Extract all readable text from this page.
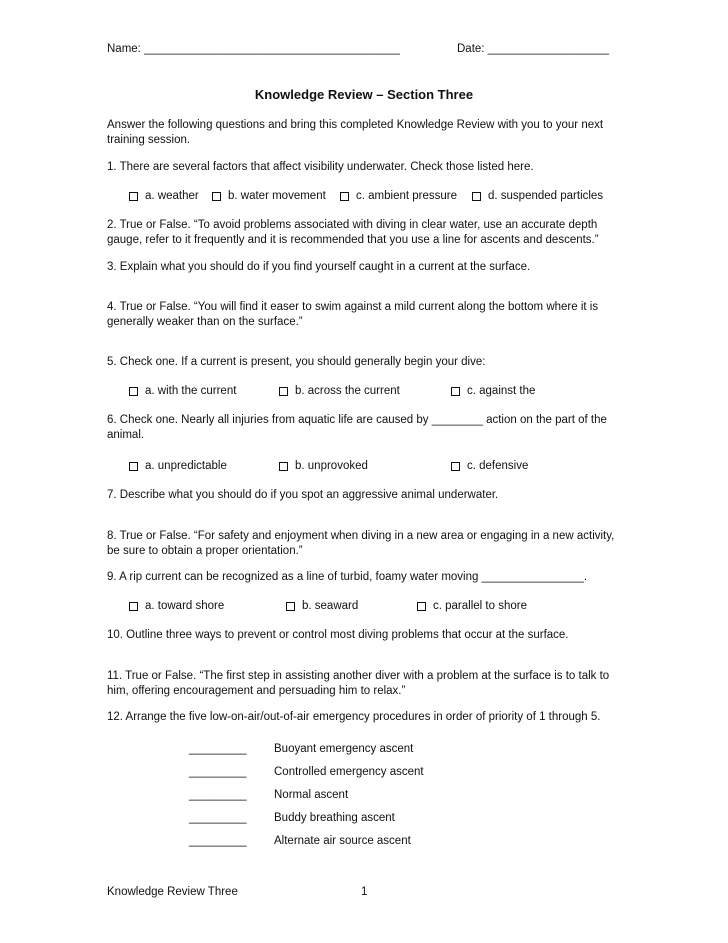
Name: ________________________________________	Date: ___________________
Knowledge Review – Section Three
Answer the following questions and bring this completed Knowledge Review with you to your next training session.
1. There are several factors that affect visibility underwater. Check those listed here.
a. weather	b. water movement	c. ambient pressure	d. suspended particles
2. True or False. “To avoid problems associated with diving in clear water, use an accurate depth gauge, refer to it frequently and it is recommended that you use a line for ascents and descents.”
3. Explain what you should do if you find yourself caught in a current at the surface.
4. True or False. “You will find it easer to swim against a mild current along the bottom where it is generally weaker than on the surface.”
5. Check one. If a current is present, you should generally begin your dive:
a. with the current	b. across the current	c. against the
6. Check one. Nearly all injuries from aquatic life are caused by ________ action on the part of the animal.
a. unpredictable	b. unprovoked	c. defensive
7. Describe what you should do if you spot an aggressive animal underwater.
8. True or False. “For safety and enjoyment when diving in a new area or engaging in a new activity, be sure to obtain a proper orientation.”
9. A rip current can be recognized as a line of turbid, foamy water moving ________________.
a. toward shore	b. seaward	c. parallel to shore
10. Outline three ways to prevent or control most diving problems that occur at the surface.
11. True or False. “The first step in assisting another diver with a problem at the surface is to talk to him, offering encouragement and persuading him to relax.”
12. Arrange the five low-on-air/out-of-air emergency procedures in order of priority of 1 through 5.
_________ Buoyant emergency ascent
_________ Controlled emergency ascent
_________ Normal ascent
_________ Buddy breathing ascent
_________ Alternate air source ascent
Knowledge Review Three	1
